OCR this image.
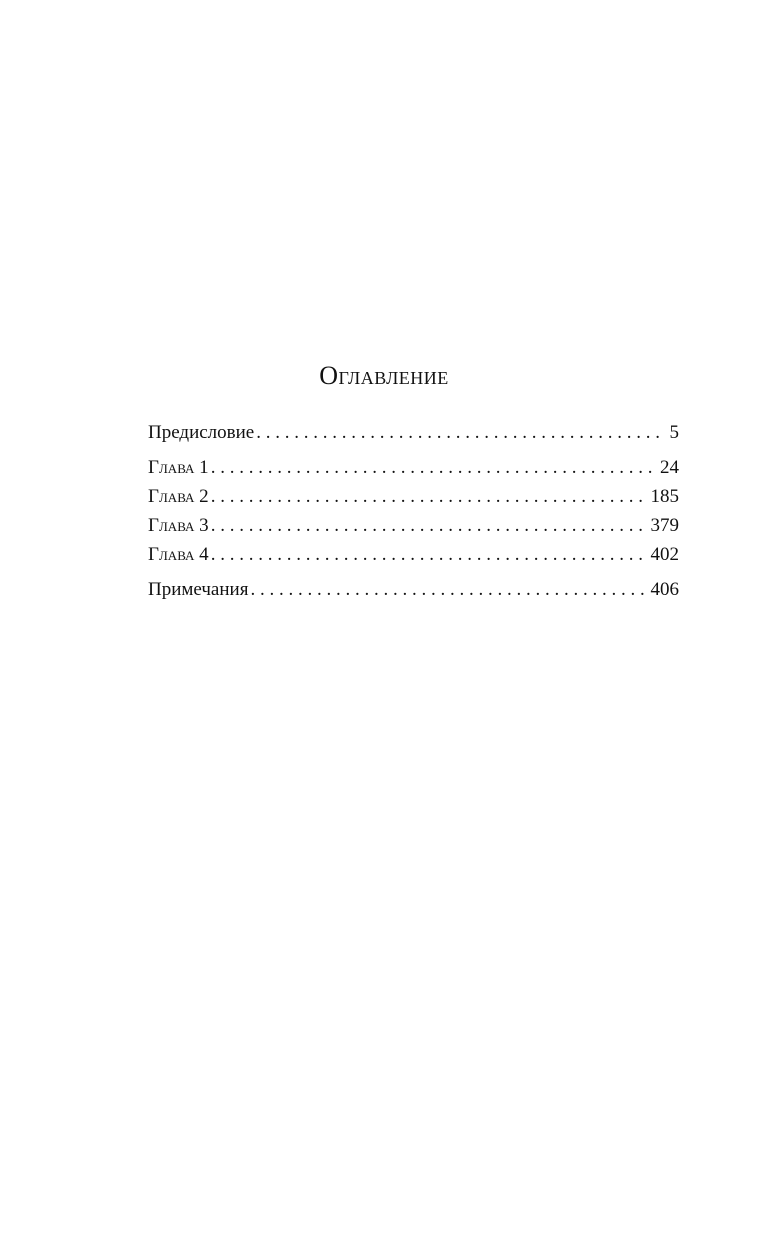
Оглавление
Предисловие . . .	5
Глава 1 . . .	24
Глава 2 . . .	185
Глава 3 . . .	379
Глава 4 . . .	402
Примечания . . .	406
